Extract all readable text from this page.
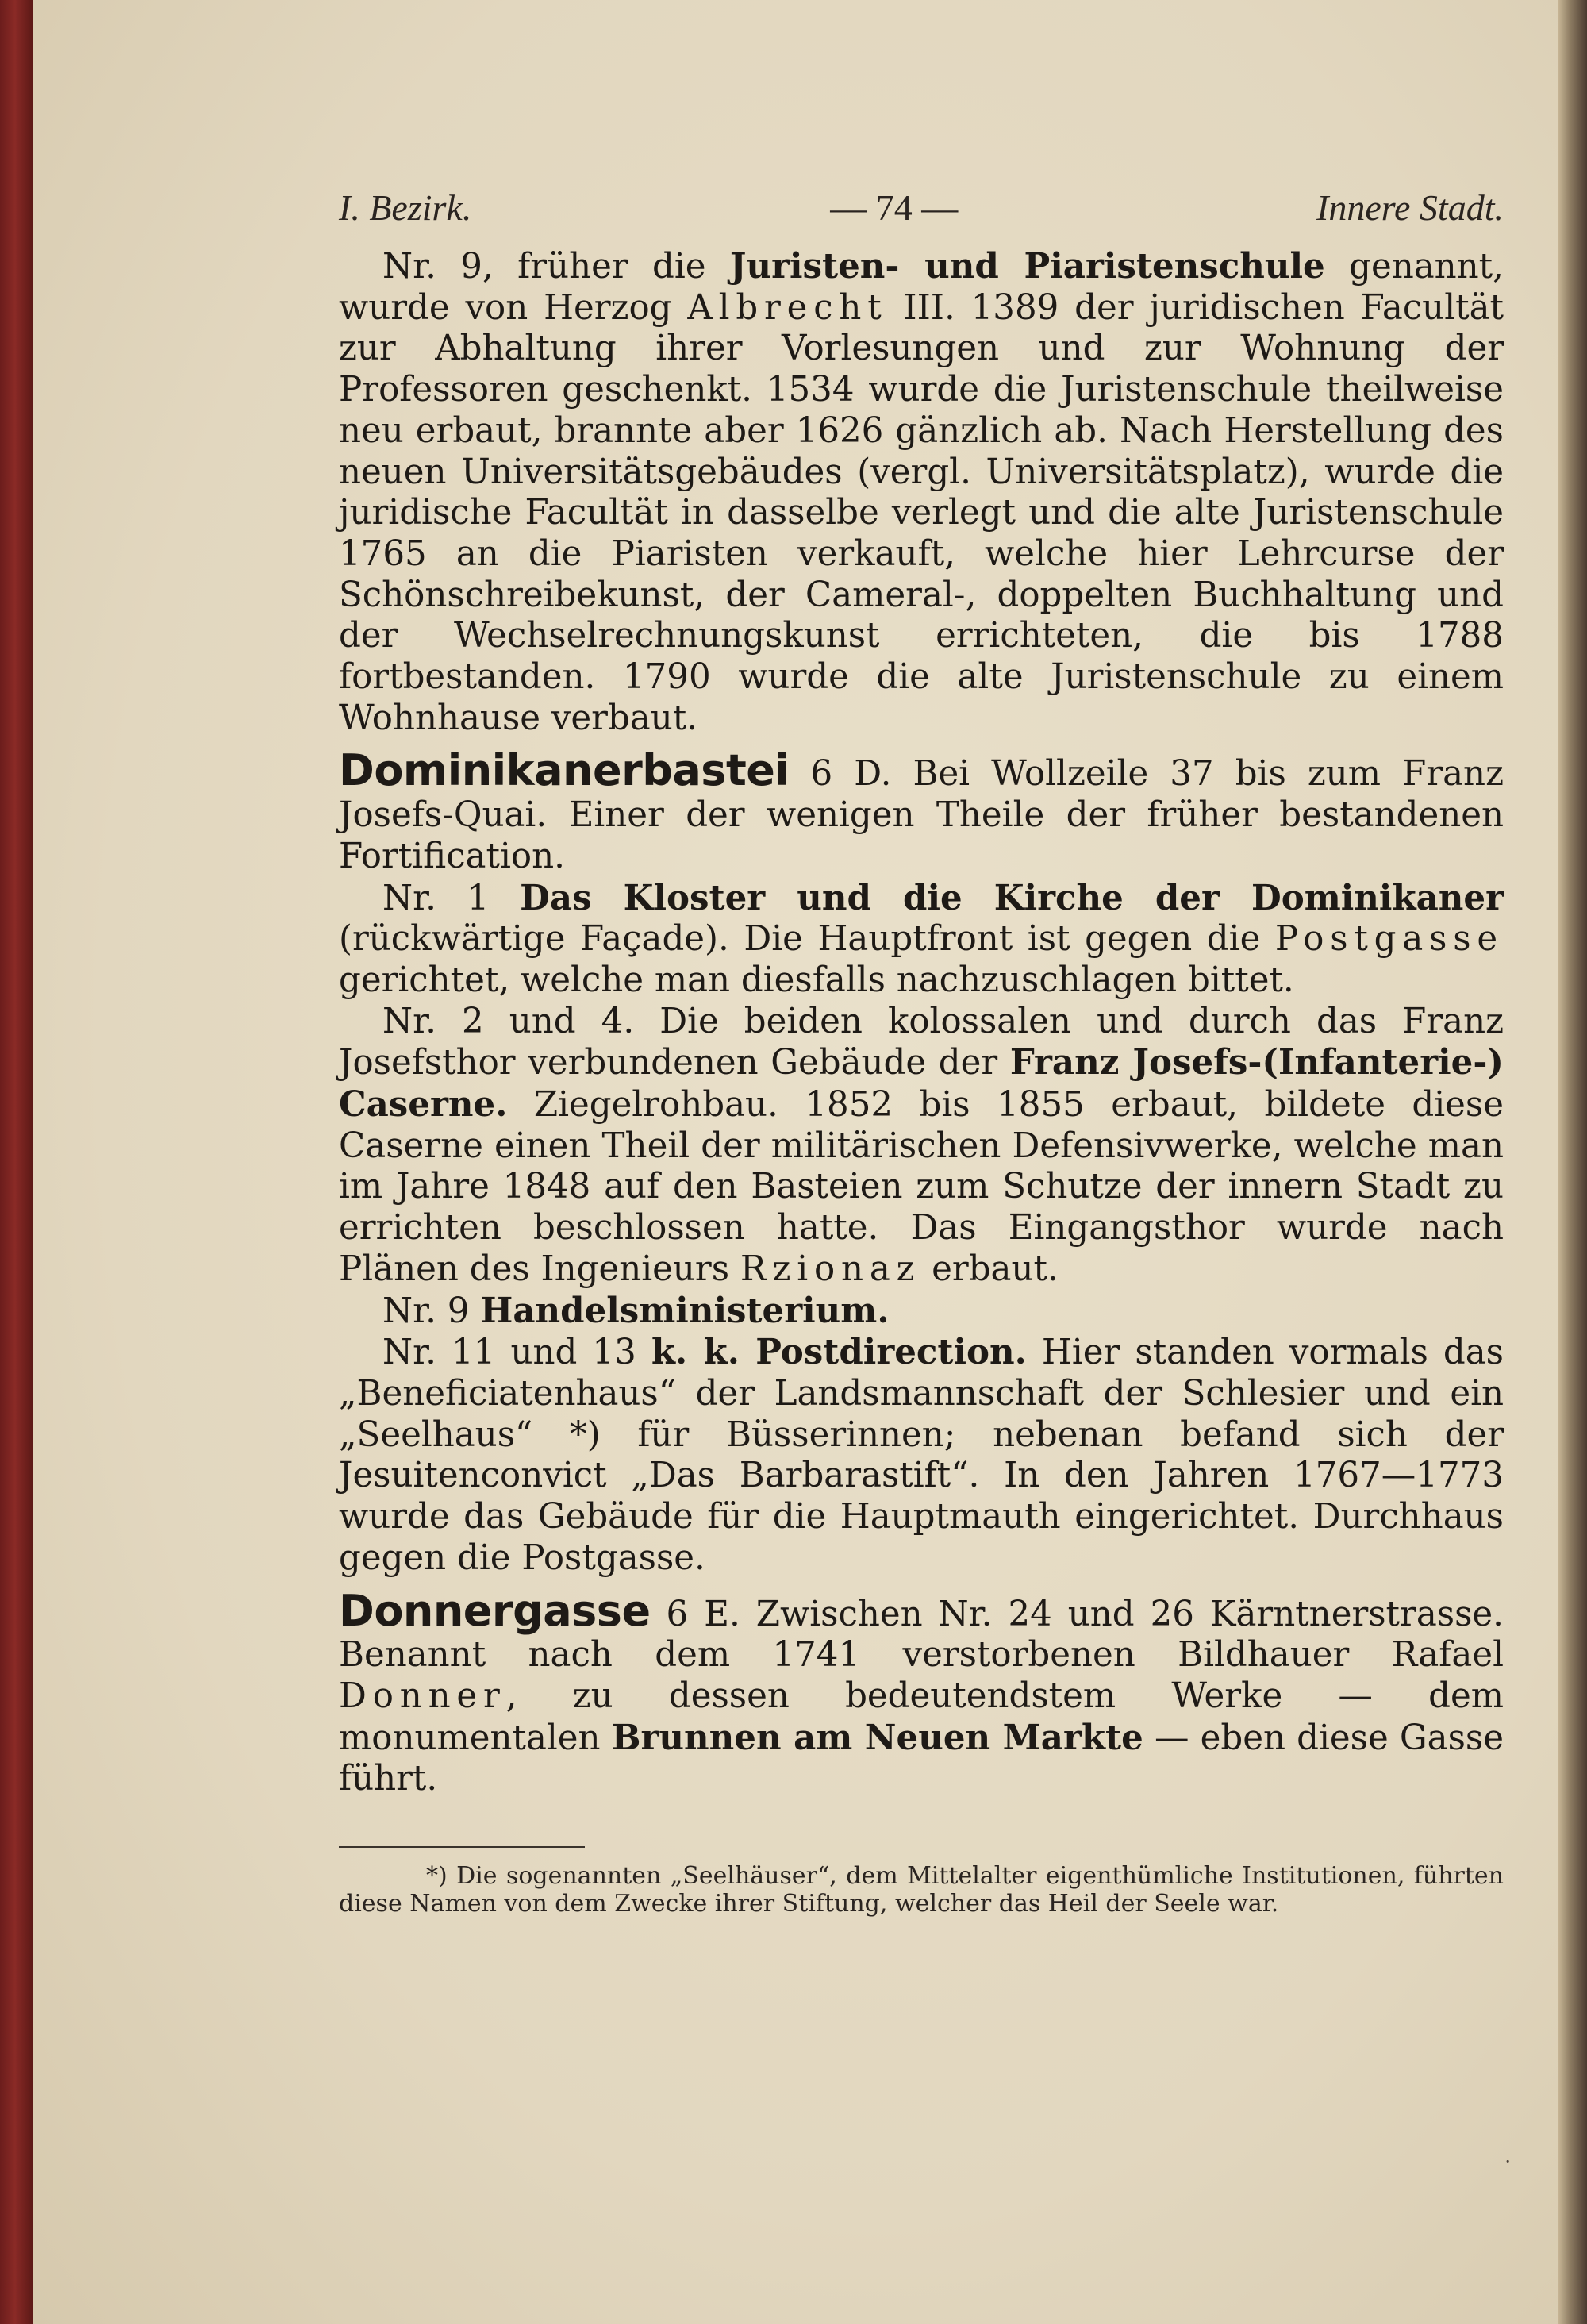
I. Bezirk.	— 74 —	Innere Stadt.

Nr. 9, früher die Juristen- und Piaristenschule genannt, wurde von Herzog Albrecht III. 1389 der juridischen Facultät zur Abhaltung ihrer Vorlesungen und zur Wohnung der Professoren geschenkt. 1534 wurde die Juristenschule theilweise neu erbaut, brannte aber 1626 gänzlich ab. Nach Herstellung des neuen Universitätsgebäudes (vergl. Universitätsplatz), wurde die juridische Facultät in dasselbe verlegt und die alte Juristenschule 1765 an die Piaristen verkauft, welche hier Lehrcurse der Schönschreibekunst, der Cameral-, doppelten Buchhaltung und der Wechselrechnungskunst errichteten, die bis 1788 fortbestanden. 1790 wurde die alte Juristenschule zu einem Wohnhause verbaut.

Dominikanerbastei 6 D. Bei Wollzeile 37 bis zum Franz Josefs-Quai. Einer der wenigen Theile der früher bestandenen Fortification.

Nr. 1 Das Kloster und die Kirche der Dominikaner (rückwärtige Façade). Die Hauptfront ist gegen die Postgasse gerichtet, welche man diesfalls nachzuschlagen bittet.

Nr. 2 und 4. Die beiden kolossalen und durch das Franz Josefsthor verbundenen Gebäude der Franz Josefs-(Infanterie-) Caserne. Ziegelrohbau. 1852 bis 1855 erbaut, bildete diese Caserne einen Theil der militärischen Defensivwerke, welche man im Jahre 1848 auf den Basteien zum Schutze der innern Stadt zu errichten beschlossen hatte. Das Eingangsthor wurde nach Plänen des Ingenieurs Rzionaz erbaut.

Nr. 9 Handelsministerium.

Nr. 11 und 13 k. k. Postdirection. Hier standen vormals das „Beneficiatenhaus“ der Landsmannschaft der Schlesier und ein „Seelhaus“ *) für Büsserinnen; nebenan befand sich der Jesuitenconvict „Das Barbarastift“. In den Jahren 1767—1773 wurde das Gebäude für die Hauptmauth eingerichtet. Durchhaus gegen die Postgasse.

Donnergasse 6 E. Zwischen Nr. 24 und 26 Kärntnerstrasse. Benannt nach dem 1741 verstorbenen Bildhauer Rafael Donner, zu dessen bedeutendstem Werke — dem monumentalen Brunnen am Neuen Markte — eben diese Gasse führt.

*) Die sogenannten „Seelhäuser“, dem Mittelalter eigenthümliche Institutionen, führten diese Namen von dem Zwecke ihrer Stiftung, welcher das Heil der Seele war.

·
